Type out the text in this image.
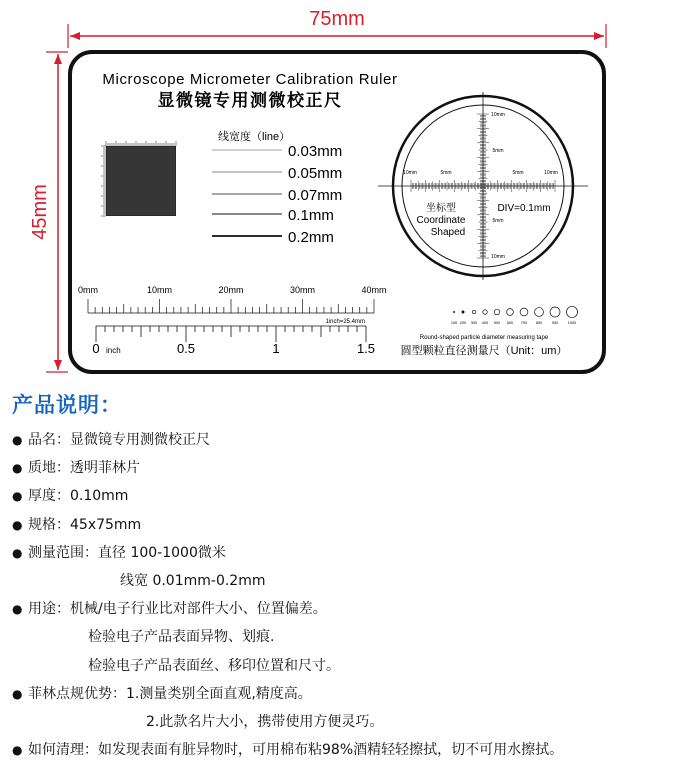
75mm
45mm
Microscope Micrometer Calibration Ruler
显微镜专用测微校正尺
线宽度（line）
0.03mm
0.05mm
0.07mm
0.1mm
0.2mm
0mm	10mm	20mm	30mm	40mm
0	0.5	1	1.5
inch
1inch=25.4mm
坐标型
Coordinate
Shaped
DIV=0.1mm
10mm	5mm	5mm	10mm
10mm
5mm
5mm
10mm
100 200 300 400 500 600 700 800	900	1000
Round-shaped particle diameter measuring tape
圆型颗粒直径测量尺（Unit：um）
产品说明：
● 品名：显微镜专用测微校正尺
● 质地：透明菲林片
● 厚度：0.10mm
● 规格：45x75mm
● 测量范围：直径 100-1000微米
线宽 0.01mm-0.2mm
● 用途：机械/电子行业比对部件大小、位置偏差。
检验电子产品表面异物、划痕.
检验电子产品表面丝、移印位置和尺寸。
● 菲林点规优势：1.测量类别全面直观,精度高。
2.此款名片大小，携带使用方便灵巧。
● 如何清理：如发现表面有脏异物时，可用棉布粘98%酒精轻轻擦拭，切不可用水擦拭。
